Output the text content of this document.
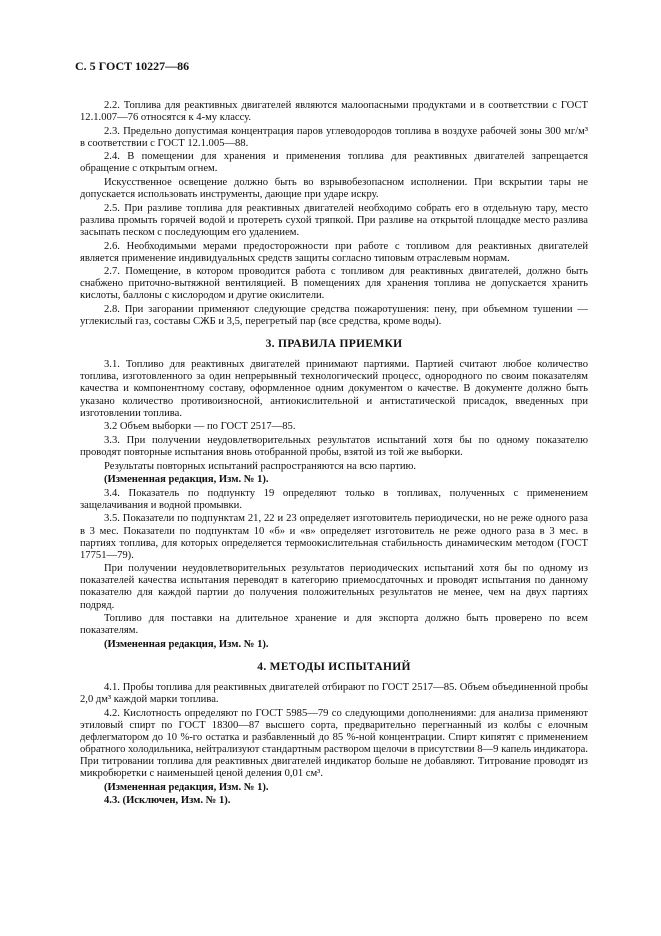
С. 5 ГОСТ 10227—86

2.2. Топлива для реактивных двигателей являются малоопасными продуктами и в соответствии с ГОСТ 12.1.007—76 относятся к 4-му классу.

2.3. Предельно допустимая концентрация паров углеводородов топлива в воздухе рабочей зоны 300 мг/м³ в соответствии с ГОСТ 12.1.005—88.

2.4. В помещении для хранения и применения топлива для реактивных двигателей запрещается обращение с открытым огнем.

Искусственное освещение должно быть во взрывобезопасном исполнении. При вскрытии тары не допускается использовать инструменты, дающие при ударе искру.

2.5. При разливе топлива для реактивных двигателей необходимо собрать его в отдельную тару, место разлива промыть горячей водой и протереть сухой тряпкой. При разливе на открытой площадке место разлива засыпать песком с последующим его удалением.

2.6. Необходимыми мерами предосторожности при работе с топливом для реактивных двигателей является применение индивидуальных средств защиты согласно типовым отраслевым нормам.

2.7. Помещение, в котором проводится работа с топливом для реактивных двигателей, должно быть снабжено приточно-вытяжной вентиляцией. В помещениях для хранения топлива не допускается хранить кислоты, баллоны с кислородом и другие окислители.

2.8. При загорании применяют следующие средства пожаротушения: пену, при объемном тушении — углекислый газ, составы СЖБ и 3,5, перегретый пар (все средства, кроме воды).

3. ПРАВИЛА ПРИЕМКИ

3.1. Топливо для реактивных двигателей принимают партиями. Партией считают любое количество топлива, изготовленного за один непрерывный технологический процесс, однородного по своим показателям качества и компонентному составу, оформленное одним документом о качестве. В документе должно быть указано количество противоизносной, антиокислительной и антистатической присадок, введенных при изготовлении топлива.

3.2 Объем выборки — по ГОСТ 2517—85.

3.3. При получении неудовлетворительных результатов испытаний хотя бы по одному показателю проводят повторные испытания вновь отобранной пробы, взятой из той же выборки.

Результаты повторных испытаний распространяются на всю партию.

(Измененная редакция, Изм. № 1).

3.4. Показатель по подпункту 19 определяют только в топливах, полученных с применением защелачивания и водной промывки.

3.5. Показатели по подпунктам 21, 22 и 23 определяет изготовитель периодически, но не реже одного раза в 3 мес. Показатели по подпунктам 10 «б» и «в» определяет изготовитель не реже одного раза в 3 мес. в партиях топлива, для которых определяется термоокислительная стабильность динамическим методом (ГОСТ 17751—79).

При получении неудовлетворительных результатов периодических испытаний хотя бы по одному из показателей качества испытания переводят в категорию приемосдаточных и проводят испытания по данному показателю для каждой партии до получения положительных результатов не менее, чем на двух партиях подряд.

Топливо для поставки на длительное хранение и для экспорта должно быть проверено по всем показателям.

(Измененная редакция, Изм. № 1).

4. МЕТОДЫ ИСПЫТАНИЙ

4.1. Пробы топлива для реактивных двигателей отбирают по ГОСТ 2517—85. Объем объединенной пробы 2,0 дм³ каждой марки топлива.

4.2. Кислотность определяют по ГОСТ 5985—79 со следующими дополнениями: для анализа применяют этиловый спирт по ГОСТ 18300—87 высшего сорта, предварительно перегнанный из колбы с елочным дефлегматором до 10 %-го остатка и разбавленный до 85 %-ной концентрации. Спирт кипятят с применением обратного холодильника, нейтрализуют стандартным раствором щелочи в присутствии 8—9 капель индикатора. При титровании топлива для реактивных двигателей индикатор больше не добавляют. Титрование проводят из микробюретки с наименьшей ценой деления 0,01 см³.

(Измененная редакция, Изм. № 1).

4.3. (Исключен, Изм. № 1).
